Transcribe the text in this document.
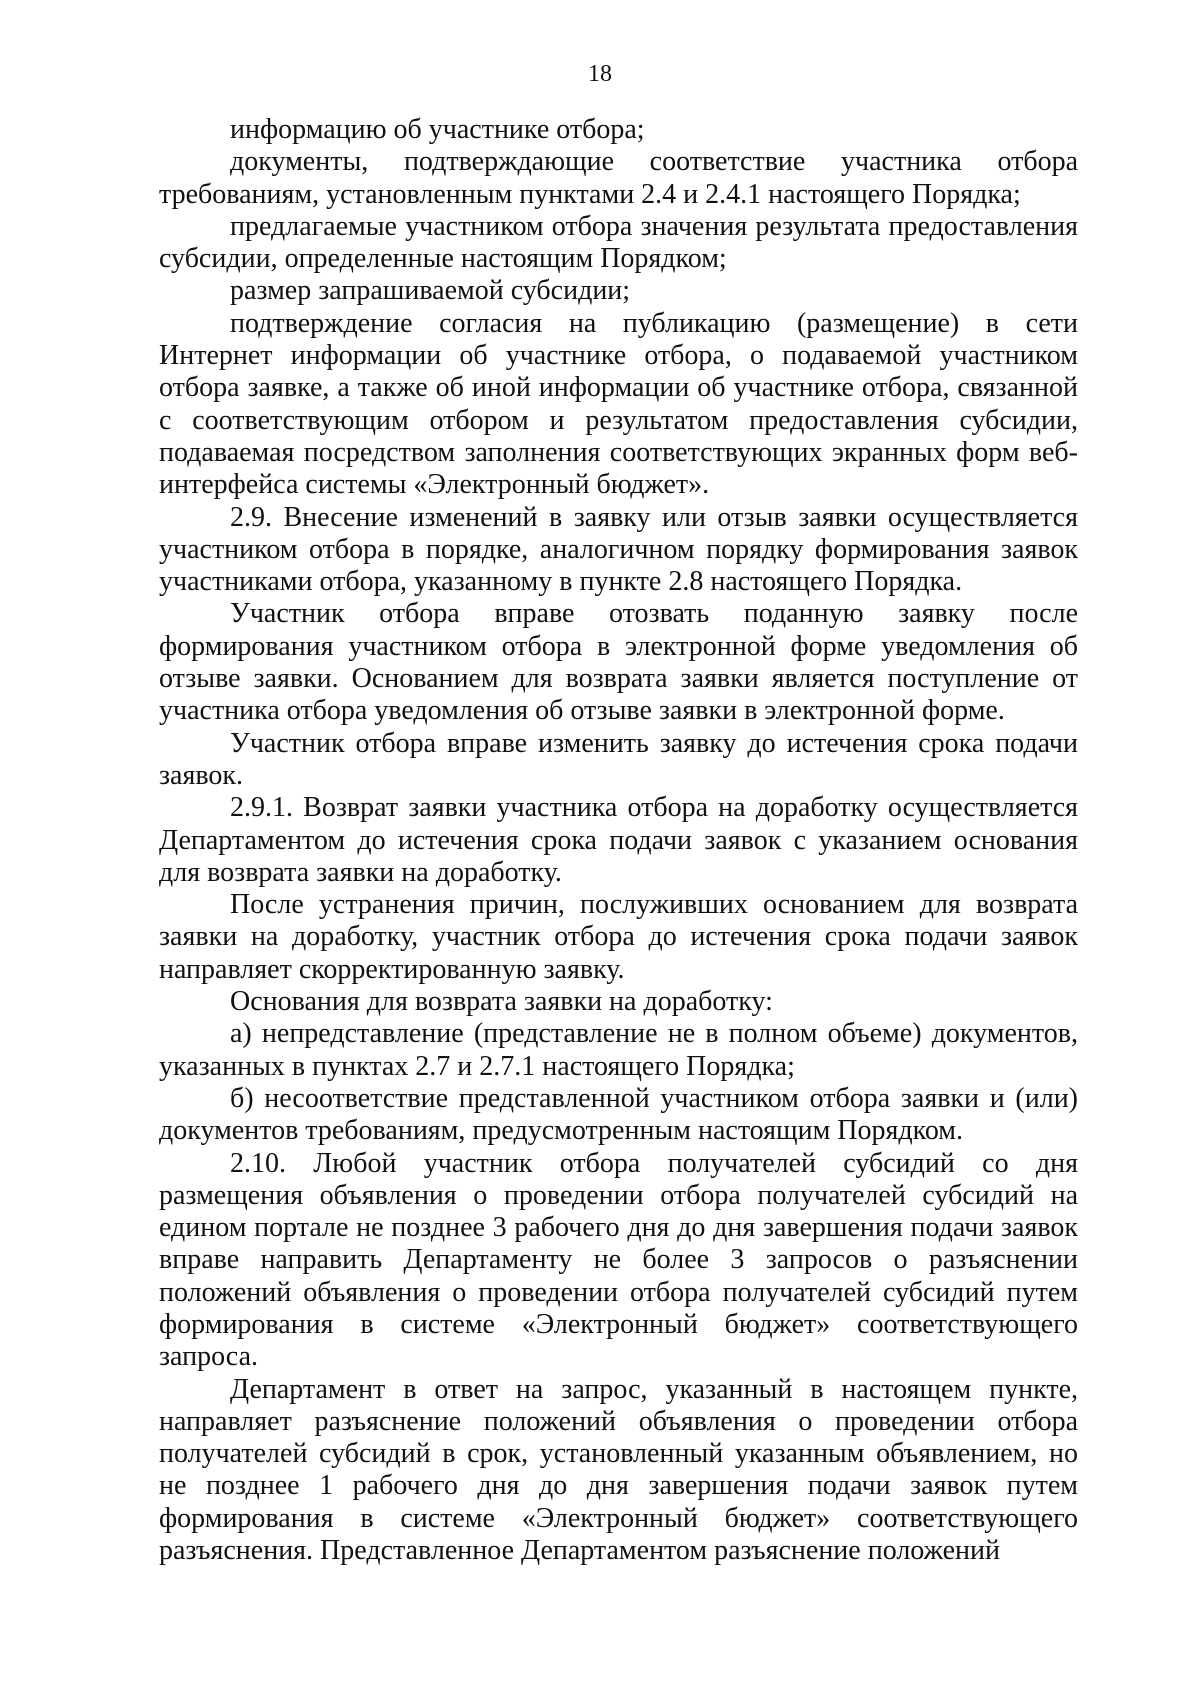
18

информацию об участнике отбора;

документы, подтверждающие соответствие участника отбора требованиям, установленным пунктами 2.4 и 2.4.1 настоящего Порядка;

предлагаемые участником отбора значения результата предоставления субсидии, определенные настоящим Порядком;

размер запрашиваемой субсидии;

подтверждение согласия на публикацию (размещение) в сети Интернет информации об участнике отбора, о подаваемой участником отбора заявке, а также об иной информации об участнике отбора, связанной с соответствующим отбором и результатом предоставления субсидии, подаваемая посредством заполнения соответствующих экранных форм веб-интерфейса системы «Электронный бюджет».

2.9. Внесение изменений в заявку или отзыв заявки осуществляется участником отбора в порядке, аналогичном порядку формирования заявок участниками отбора, указанному в пункте 2.8 настоящего Порядка.

Участник отбора вправе отозвать поданную заявку после формирования участником отбора в электронной форме уведомления об отзыве заявки. Основанием для возврата заявки является поступление от участника отбора уведомления об отзыве заявки в электронной форме.

Участник отбора вправе изменить заявку до истечения срока подачи заявок.

2.9.1. Возврат заявки участника отбора на доработку осуществляется Департаментом до истечения срока подачи заявок с указанием основания для возврата заявки на доработку.

После устранения причин, послуживших основанием для возврата заявки на доработку, участник отбора до истечения срока подачи заявок направляет скорректированную заявку.

Основания для возврата заявки на доработку:

а) непредставление (представление не в полном объеме) документов, указанных в пунктах 2.7 и 2.7.1 настоящего Порядка;

б) несоответствие представленной участником отбора заявки и (или) документов требованиям, предусмотренным настоящим Порядком.

2.10. Любой участник отбора получателей субсидий со дня размещения объявления о проведении отбора получателей субсидий на едином портале не позднее 3 рабочего дня до дня завершения подачи заявок вправе направить Департаменту не более 3 запросов о разъяснении положений объявления о проведении отбора получателей субсидий путем формирования в системе «Электронный бюджет» соответствующего запроса.

Департамент в ответ на запрос, указанный в настоящем пункте, направляет разъяснение положений объявления о проведении отбора получателей субсидий в срок, установленный указанным объявлением, но не позднее 1 рабочего дня до дня завершения подачи заявок путем формирования в системе «Электронный бюджет» соответствующего разъяснения. Представленное Департаментом разъяснение положений
